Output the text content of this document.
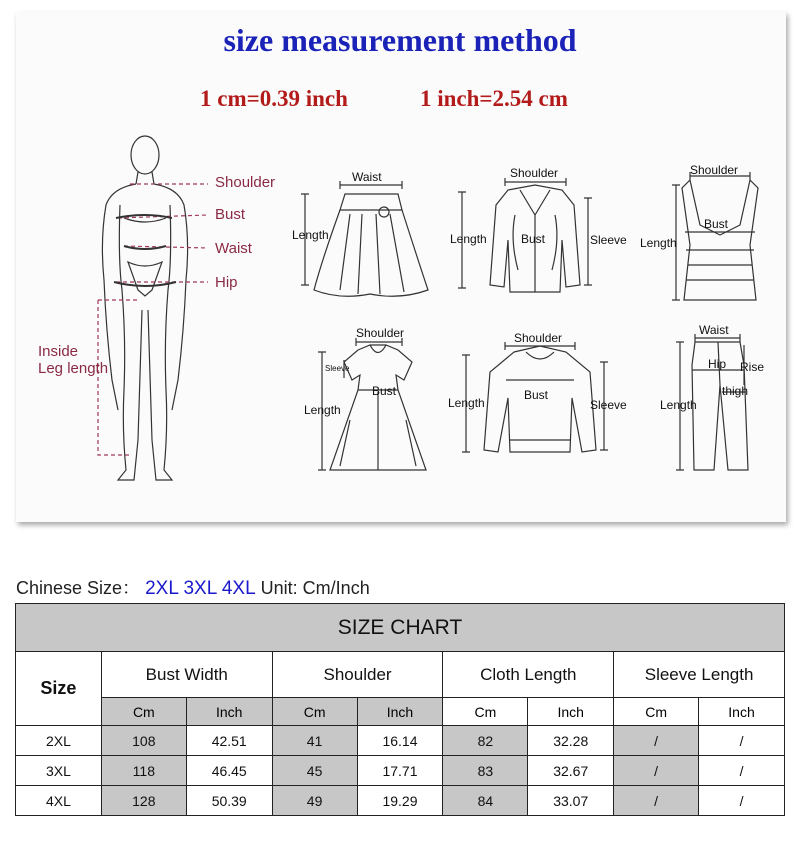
size measurement method
1 cm=0.39 inch	1 inch=2.54 cm
Shoulder
Bust
Waist
Hip
Inside
Leg length
Waist
Length
Shoulder
Length	Bust	Sleeve
Shoulder
Bust
Length
Shoulder
Sleeve
Bust
Length
Shoulder
Bust
Length	Sleeve
Waist
Hip Rise
thigh
Length
Chinese Size： 2XL 3XL 4XL Unit: Cm/Inch
SIZE CHART								
Size	Bust Width		Shoulder		Cloth Length		Sleeve Length	
	Cm	Inch	Cm	Inch	Cm	Inch	Cm	Inch
2XL	108	42.51	41	16.14	82	32.28	/	/
3XL	118	46.45	45	17.71	83	32.67	/	/
4XL	128	50.39	49	19.29	84	33.07	/	/
